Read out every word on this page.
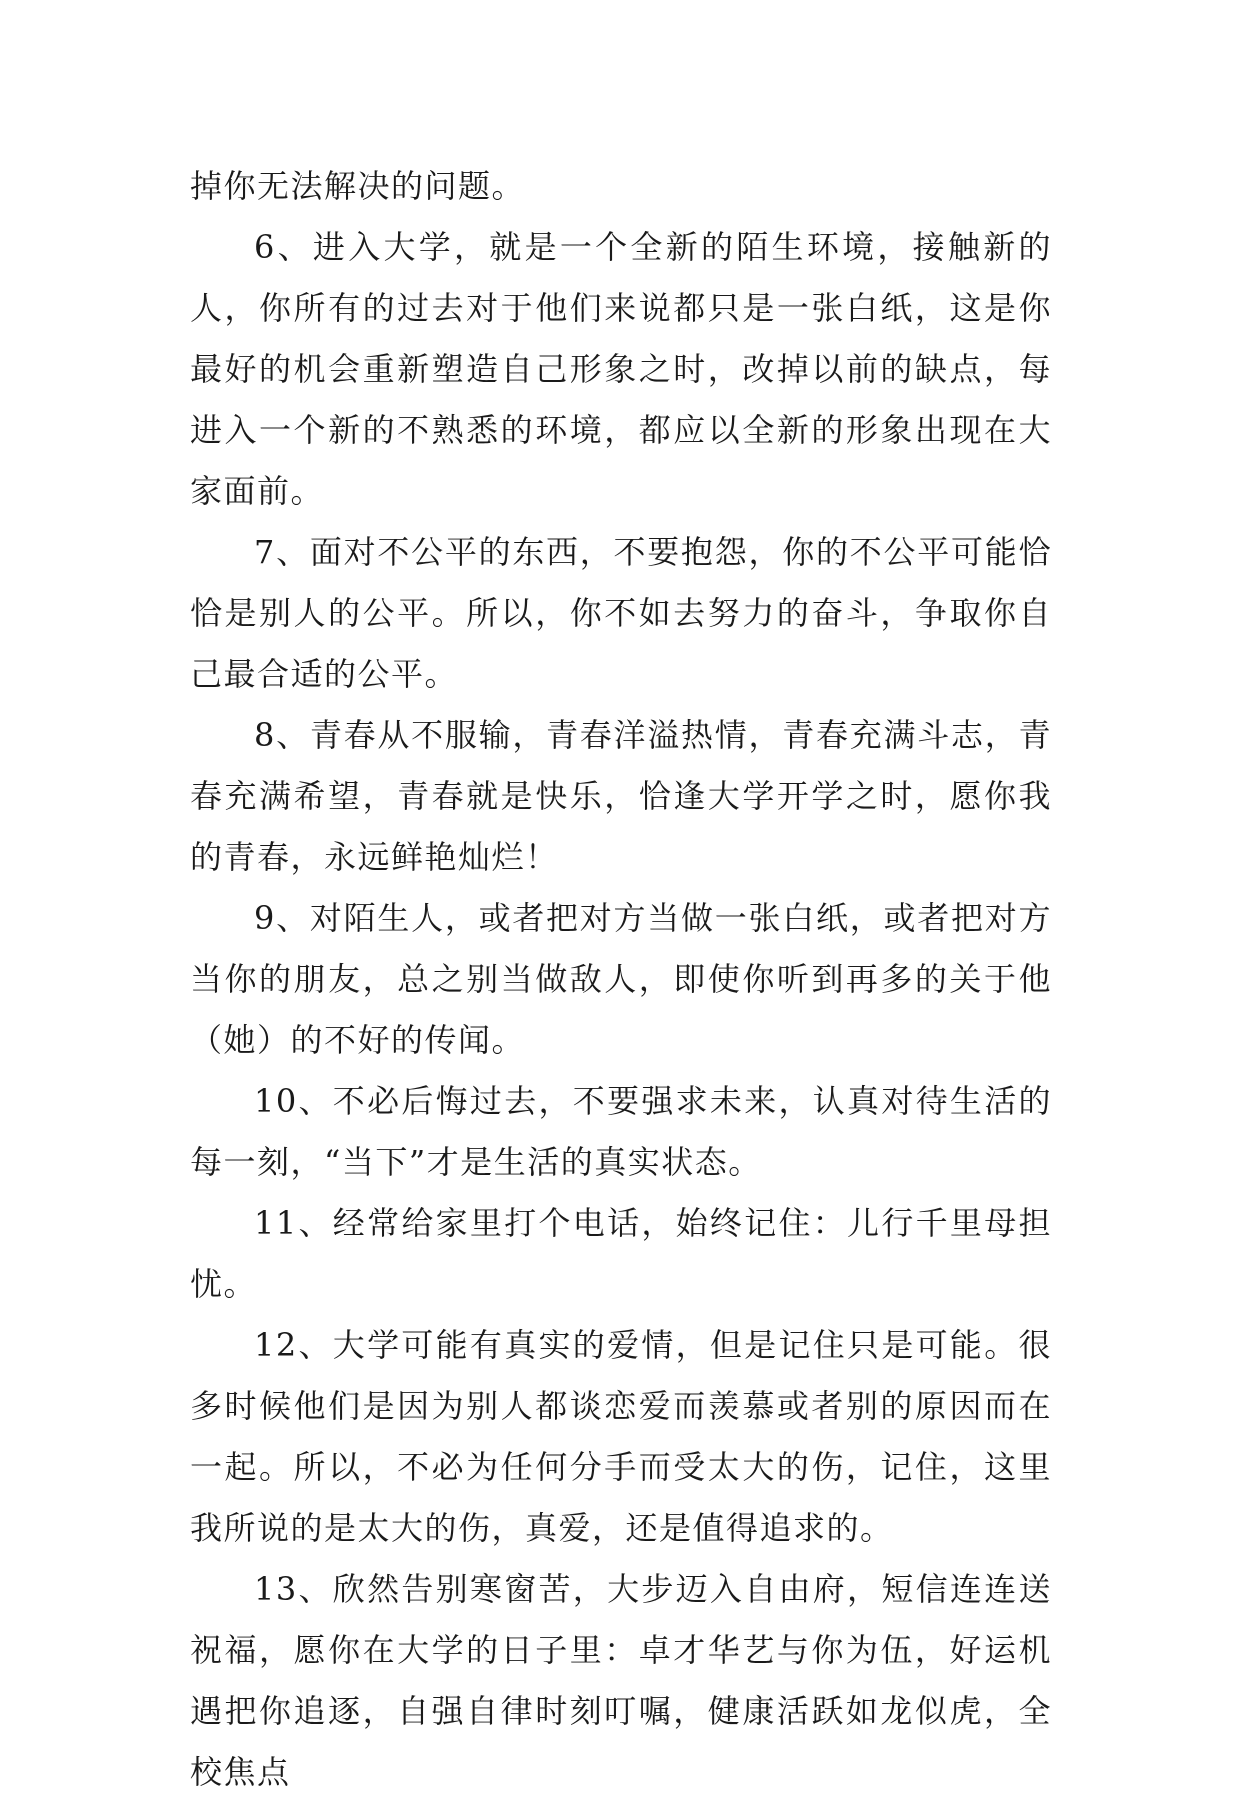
掉你无法解决的问题。

6、进入大学，就是一个全新的陌生环境，接触新的人，你所有的过去对于他们来说都只是一张白纸，这是你最好的机会重新塑造自己形象之时，改掉以前的缺点，每进入一个新的不熟悉的环境，都应以全新的形象出现在大家面前。

7、面对不公平的东西，不要抱怨，你的不公平可能恰恰是别人的公平。所以，你不如去努力的奋斗，争取你自己最合适的公平。

8、青春从不服输，青春洋溢热情，青春充满斗志，青春充满希望，青春就是快乐，恰逢大学开学之时，愿你我的青春，永远鲜艳灿烂！

9、对陌生人，或者把对方当做一张白纸，或者把对方当你的朋友，总之别当做敌人，即使你听到再多的关于他（她）的不好的传闻。

10、不必后悔过去，不要强求未来，认真对待生活的每一刻，“当下”才是生活的真实状态。

11、经常给家里打个电话，始终记住：儿行千里母担忧。

12、大学可能有真实的爱情，但是记住只是可能。很多时候他们是因为别人都谈恋爱而羡慕或者别的原因而在一起。所以，不必为任何分手而受太大的伤，记住，这里我所说的是太大的伤，真爱，还是值得追求的。

13、欣然告别寒窗苦，大步迈入自由府，短信连连送祝福，愿你在大学的日子里：卓才华艺与你为伍，好运机遇把你追逐，自强自律时刻叮嘱，健康活跃如龙似虎，全校焦点
